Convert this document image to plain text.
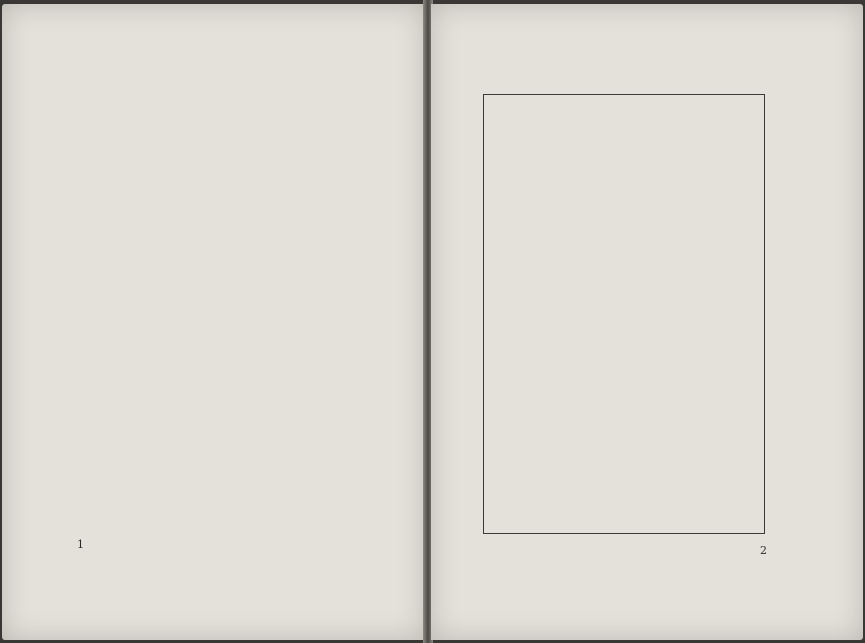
1	2
